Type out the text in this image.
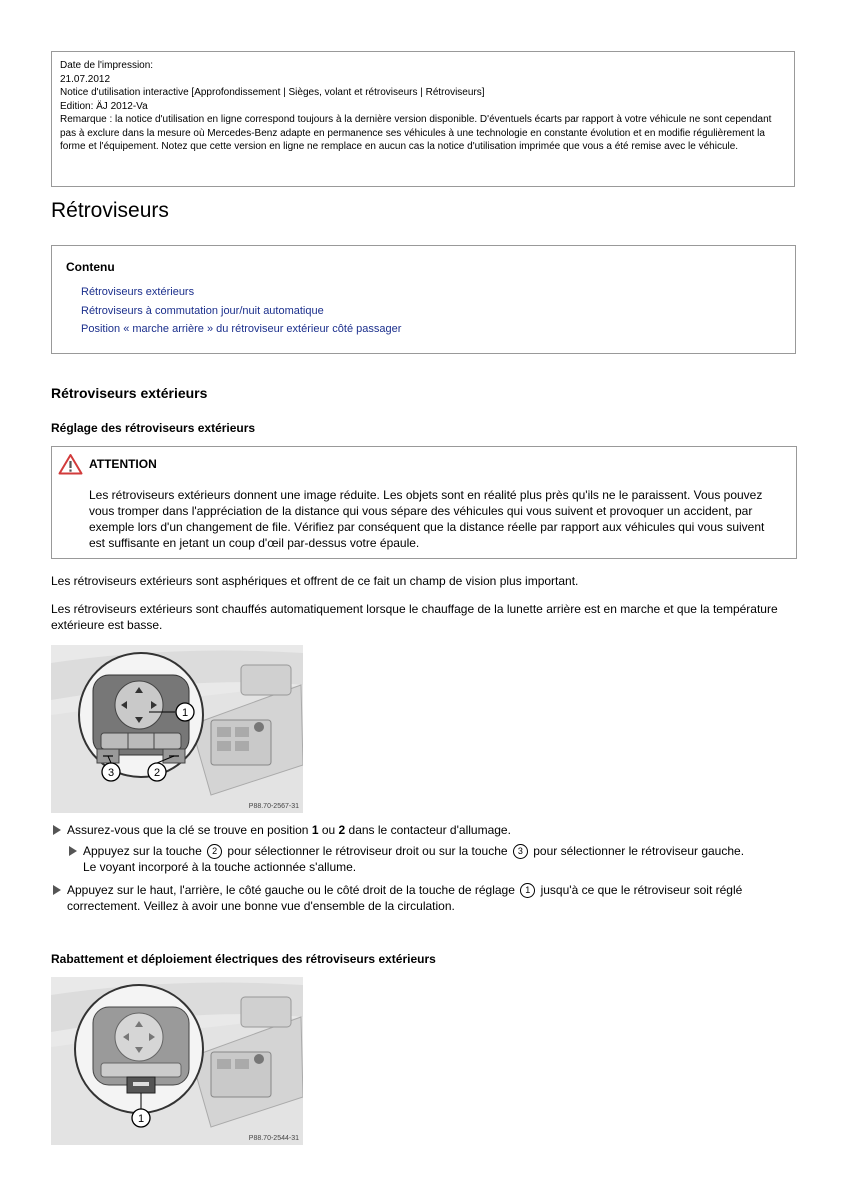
Date de l'impression:
21.07.2012
Notice d'utilisation interactive [Approfondissement | Sièges, volant et rétroviseurs | Rétroviseurs]
Edition: ÄJ 2012-Va
Remarque : la notice d'utilisation en ligne correspond toujours à la dernière version disponible. D'éventuels écarts par rapport à votre véhicule ne sont cependant pas à exclure dans la mesure où Mercedes-Benz adapte en permanence ses véhicules à une technologie en constante évolution et en modifie régulièrement la forme et l'équipement. Notez que cette version en ligne ne remplace en aucun cas la notice d'utilisation imprimée que vous a été remise avec le véhicule.
Rétroviseurs
Contenu
Rétroviseurs extérieurs
Rétroviseurs à commutation jour/nuit automatique
Position « marche arrière » du rétroviseur extérieur côté passager
Rétroviseurs extérieurs
Réglage des rétroviseurs extérieurs
ATTENTION
Les rétroviseurs extérieurs donnent une image réduite. Les objets sont en réalité plus près qu'ils ne le paraissent. Vous pouvez vous tromper dans l'appréciation de la distance qui vous sépare des véhicules qui vous suivent et provoquer un accident, par exemple lors d'un changement de file. Vérifiez par conséquent que la distance réelle par rapport aux véhicules qui vous suivent est suffisante en jetant un coup d'œil par-dessus votre épaule.

Les rétroviseurs extérieurs sont asphériques et offrent de ce fait un champ de vision plus important.

Les rétroviseurs extérieurs sont chauffés automatiquement lorsque le chauffage de la lunette arrière est en marche et que la température extérieure est basse.

1
3	2
P88.70-2567-31
Assurez-vous que la clé se trouve en position 1 ou 2 dans le contacteur d'allumage.
Appuyez sur la touche 2 pour sélectionner le rétroviseur droit ou sur la touche 3 pour sélectionner le rétroviseur gauche.
Le voyant incorporé à la touche actionnée s'allume.
Appuyez sur le haut, l'arrière, le côté gauche ou le côté droit de la touche de réglage 1 jusqu'à ce que le rétroviseur soit réglé
correctement. Veillez à avoir une bonne vue d'ensemble de la circulation.
Rabattement et déploiement électriques des rétroviseurs extérieurs
1
P88.70-2544-31
